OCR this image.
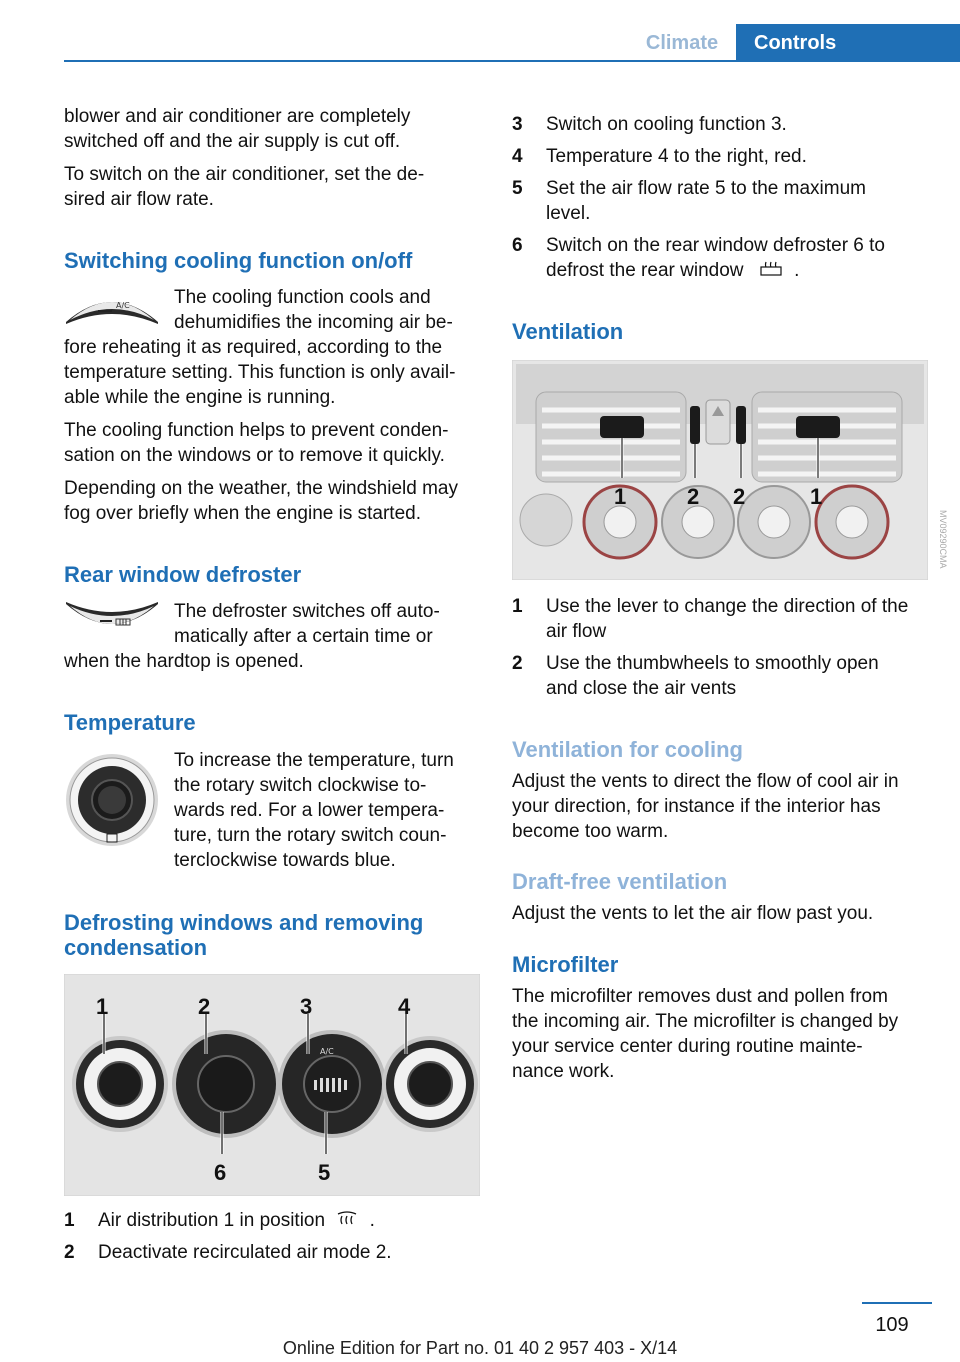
Climate	Controls
blower and air conditioner are completely
switched off and the air supply is cut off.
To switch on the air conditioner, set the de-
sired air flow rate.
Switching cooling function on/off
A/C The cooling function cools and
dehumidifies the incoming air be-
fore reheating it as required, according to the
temperature setting. This function is only avail-
able while the engine is running.
The cooling function helps to prevent conden-
sation on the windows or to remove it quickly.
Depending on the weather, the windshield may
fog over briefly when the engine is started.
Rear window defroster
The defroster switches off auto-
matically after a certain time or
when the hardtop is opened.
Temperature
To increase the temperature, turn
the rotary switch clockwise to-
wards red. For a lower tempera-
ture, turn the rotary switch coun-
terclockwise towards blue.
Defrosting windows and removing
condensation
A/C
1	2	3	4
6	5
1 Air distribution 1 in position .
2 Deactivate recirculated air mode 2.
3 Switch on cooling function 3.
4 Temperature 4 to the right, red.
5 Set the air flow rate 5 to the maximum
level.
6 Switch on the rear window defroster 6 to
defrost the rear window	.
Ventilation
1	2 2	1
MV09290CMA
1 Use the lever to change the direction of the
air flow
2 Use the thumbwheels to smoothly open
and close the air vents
Ventilation for cooling
Adjust the vents to direct the flow of cool air in
your direction, for instance if the interior has
become too warm.
Draft-free ventilation
Adjust the vents to let the air flow past you.
Microfilter
The microfilter removes dust and pollen from
the incoming air. The microfilter is changed by
your service center during routine mainte-
nance work.
109
Online Edition for Part no. 01 40 2 957 403 - X/14
